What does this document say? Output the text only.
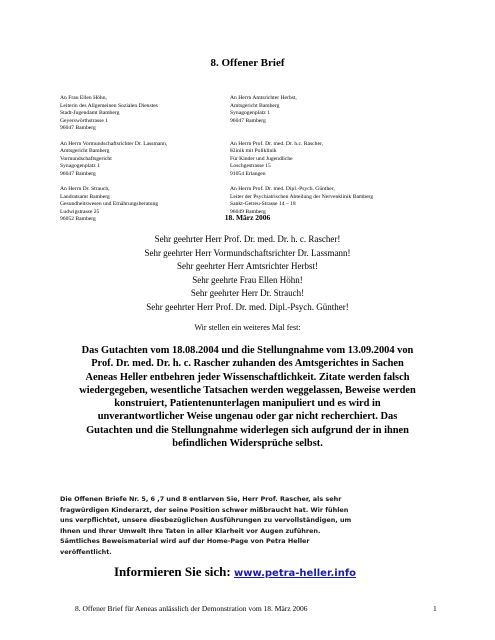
8. Offener Brief
An Frau Ellen Höhn,
Leiterin des Allgemeinen Sozialen Dienstes
Stadt-Jugendamt Bamberg
Geyerswörthstrasse 1
96047 Bamberg
An Herrn Amtsrichter Herbst,
Amtsgericht Bamberg
Synagogenplatz 1
96047 Bamberg
An Herrn Vormundschaftsrichter Dr. Lassmann,
Amtsgericht Bamberg
Vormundschaftsgericht
Synagogenplatz 1
96047 Bamberg
An Herrn Prof. Dr. med. Dr. h.c. Rascher,
Klinik mit Poliklinik
Für Kinder und Jugendliche
Loschgestrasse 15
91054 Erlangen
An Herrn Dr. Strauch,
Landratsamt Bamberg
Gesundheitswesen und Ernährungsberatung
Ludwigstrasse 25
96052 Bamberg
An Herrn Prof. Dr. med. Dipl.-Psych. Günther,
Leiter der Psychiatrischen Abteilung der Nervenklinik Bamberg
Sankt-Getreu-Strasse 14 – 18
96049 Bamberg
18. März 2006
Sehr geehrter Herr Prof. Dr. med. Dr. h. c. Rascher!
Sehr geehrter Herr Vormundschaftsrichter Dr. Lassmann!
Sehr geehrter Herr Amtsrichter Herbst!
Sehr geehrte Frau Ellen Höhn!
Sehr geehrter Herr Dr. Strauch!
Sehr geehrter Herr Prof. Dr. med. Dipl.-Psych. Günther!
Wir stellen ein weiteres Mal fest:
Das Gutachten vom 18.08.2004 und die Stellungnahme vom 13.09.2004 von
Prof. Dr. med. Dr. h. c. Rascher zuhanden des Amtsgerichtes in Sachen
Aeneas Heller entbehren jeder Wissenschaftlichkeit. Zitate werden falsch
wiedergegeben, wesentliche Tatsachen werden weggelassen, Beweise werden
konstruiert, Patientenunterlagen manipuliert und es wird in
unverantwortlicher Weise ungenau oder gar nicht recherchiert. Das
Gutachten und die Stellungnahme widerlegen sich aufgrund der in ihnen
befindlichen Widersprüche selbst.
Die Offenen Briefe Nr. 5, 6 ,7 und 8 entlarven Sie, Herr Prof. Rascher, als sehr
fragwürdigen Kinderarzt, der seine Position schwer mißbraucht hat. Wir fühlen
uns verpflichtet, unsere diesbezüglichen Ausführungen zu vervollständigen, um
Ihnen und Ihrer Umwelt Ihre Taten in aller Klarheit vor Augen zuführen.
Sämtliches Beweismaterial wird auf der Home-Page von Petra Heller
veröffentlicht.
Informieren Sie sich: www.petra-heller.info
8. Offener Brief für Aeneas anlässlich der Demonstration vom 18. März 2006	1
